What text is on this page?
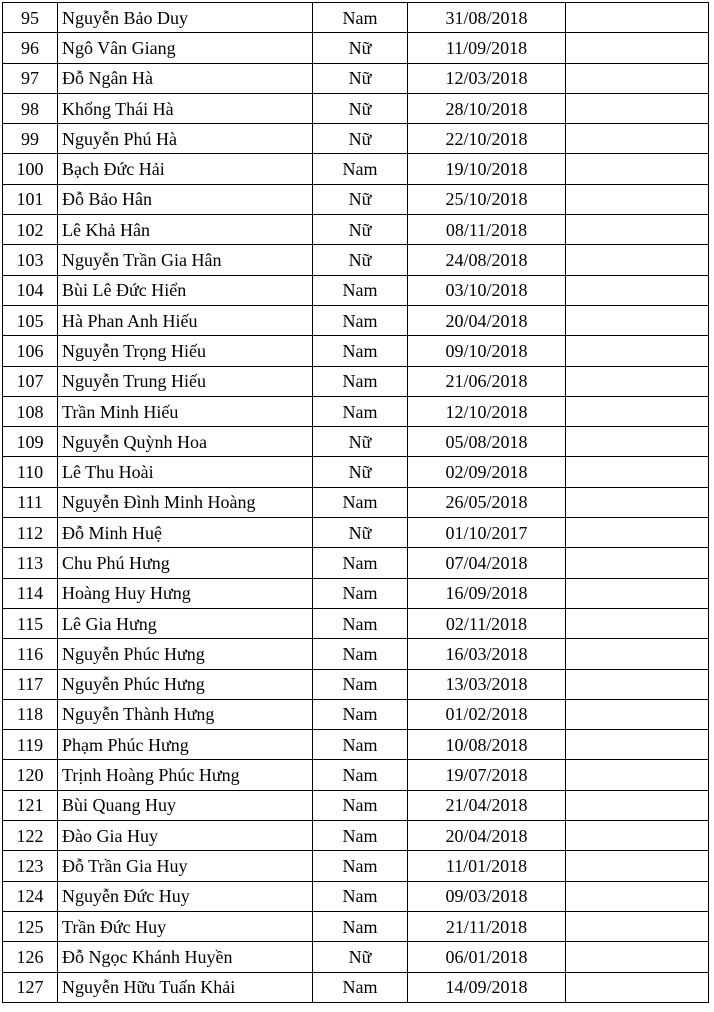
95	Nguyễn Bảo Duy	Nam	31/08/2018	
96	Ngô Vân Giang	Nữ	11/09/2018	
97	Đỗ Ngân Hà	Nữ	12/03/2018	
98	Khổng Thái Hà	Nữ	28/10/2018	
99	Nguyễn Phú Hà	Nữ	22/10/2018	
100	Bạch Đức Hải	Nam	19/10/2018	
101	Đỗ Bảo Hân	Nữ	25/10/2018	
102	Lê Khả Hân	Nữ	08/11/2018	
103	Nguyễn Trần Gia Hân	Nữ	24/08/2018	
104	Bùi Lê Đức Hiển	Nam	03/10/2018	
105	Hà Phan Anh Hiếu	Nam	20/04/2018	
106	Nguyễn Trọng Hiếu	Nam	09/10/2018	
107	Nguyễn Trung Hiếu	Nam	21/06/2018	
108	Trần Minh Hiếu	Nam	12/10/2018	
109	Nguyễn Quỳnh Hoa	Nữ	05/08/2018	
110	Lê Thu Hoài	Nữ	02/09/2018	
111	Nguyễn Đình Minh Hoàng	Nam	26/05/2018	
112	Đỗ Minh Huệ	Nữ	01/10/2017	
113	Chu Phú Hưng	Nam	07/04/2018	
114	Hoàng Huy Hưng	Nam	16/09/2018	
115	Lê Gia Hưng	Nam	02/11/2018	
116	Nguyễn Phúc Hưng	Nam	16/03/2018	
117	Nguyễn Phúc Hưng	Nam	13/03/2018	
118	Nguyễn Thành Hưng	Nam	01/02/2018	
119	Phạm Phúc Hưng	Nam	10/08/2018	
120	Trịnh Hoàng Phúc Hưng	Nam	19/07/2018	
121	Bùi Quang Huy	Nam	21/04/2018	
122	Đào Gia Huy	Nam	20/04/2018	
123	Đỗ Trần Gia Huy	Nam	11/01/2018	
124	Nguyễn Đức Huy	Nam	09/03/2018	
125	Trần Đức Huy	Nam	21/11/2018	
126	Đỗ Ngọc Khánh Huyền	Nữ	06/01/2018	
127	Nguyễn Hữu Tuấn Khải	Nam	14/09/2018	
